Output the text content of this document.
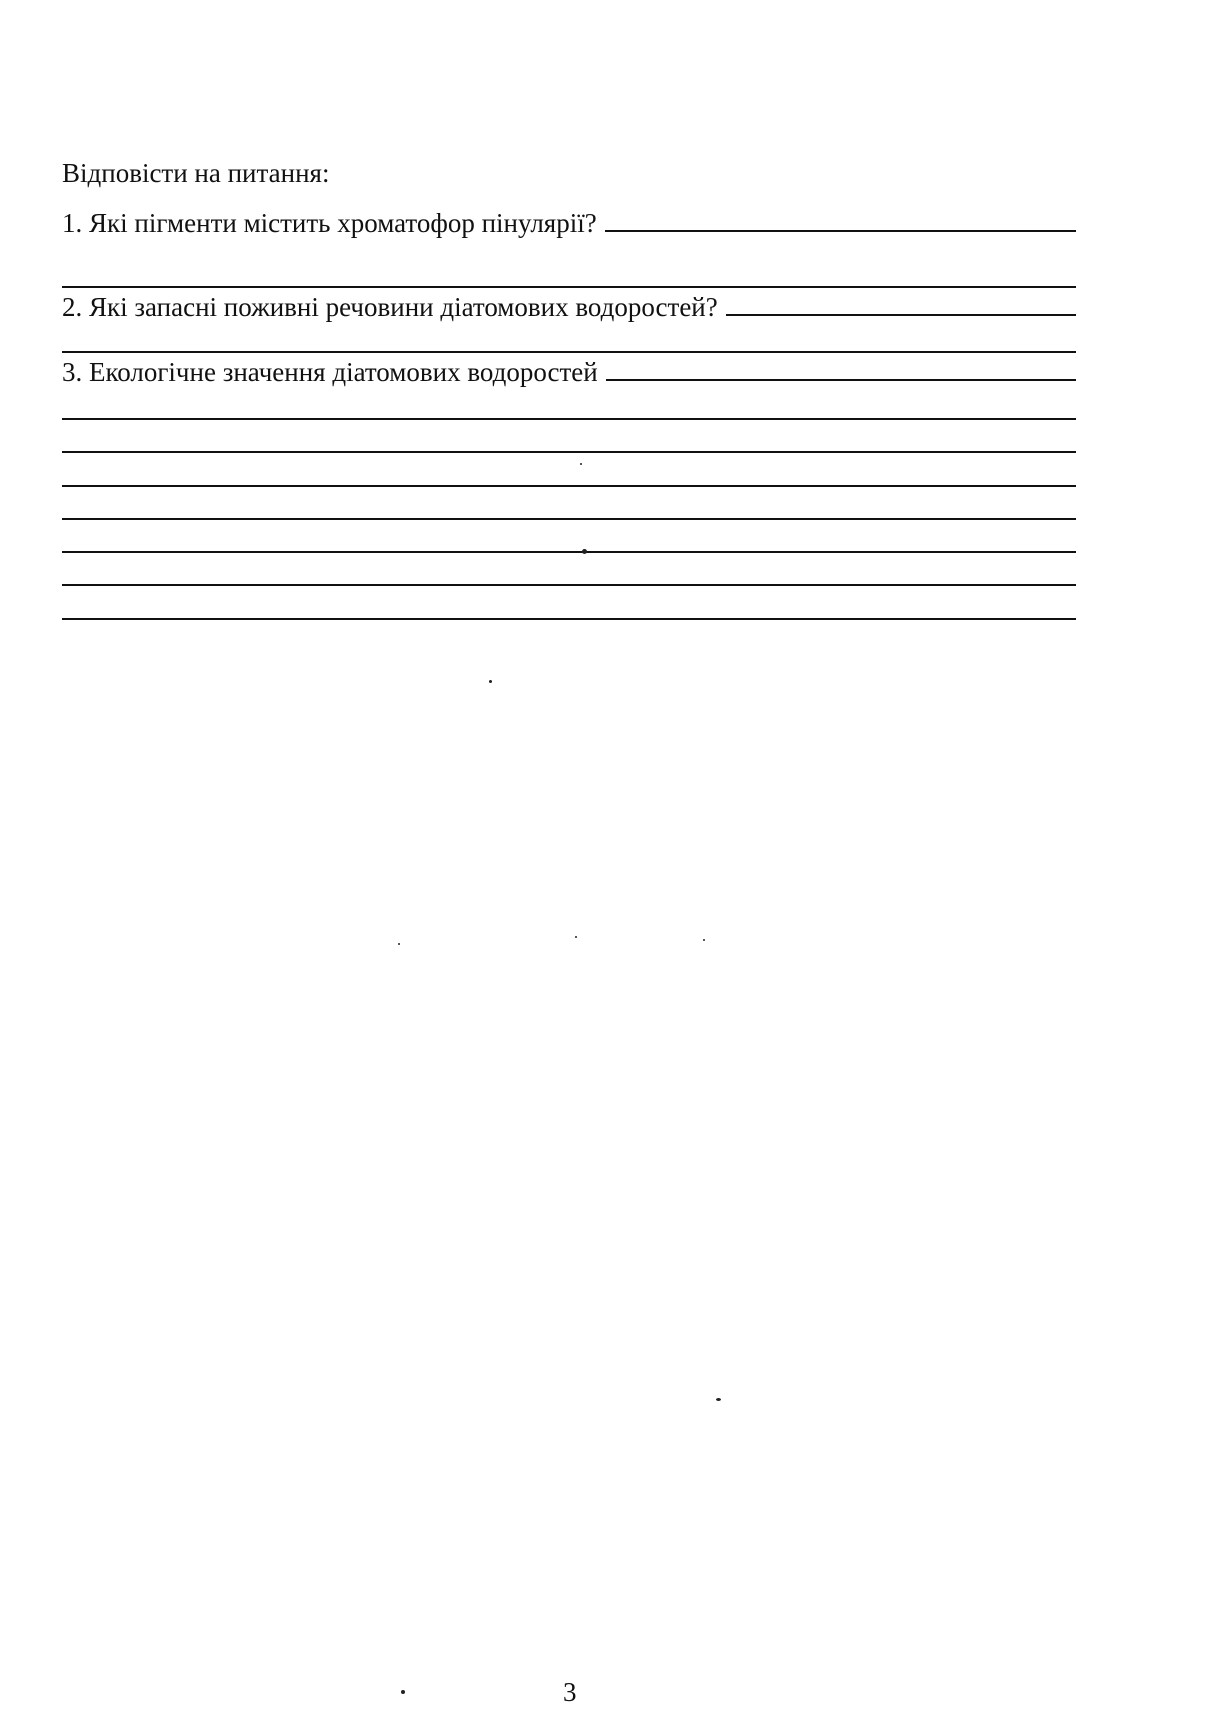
Відповісти на питання:
1. Які пігменти містить хроматофор пінулярії?
2. Які запасні поживні речовини діатомових водоростей?
3. Екологічне значення діатомових водоростей
3
